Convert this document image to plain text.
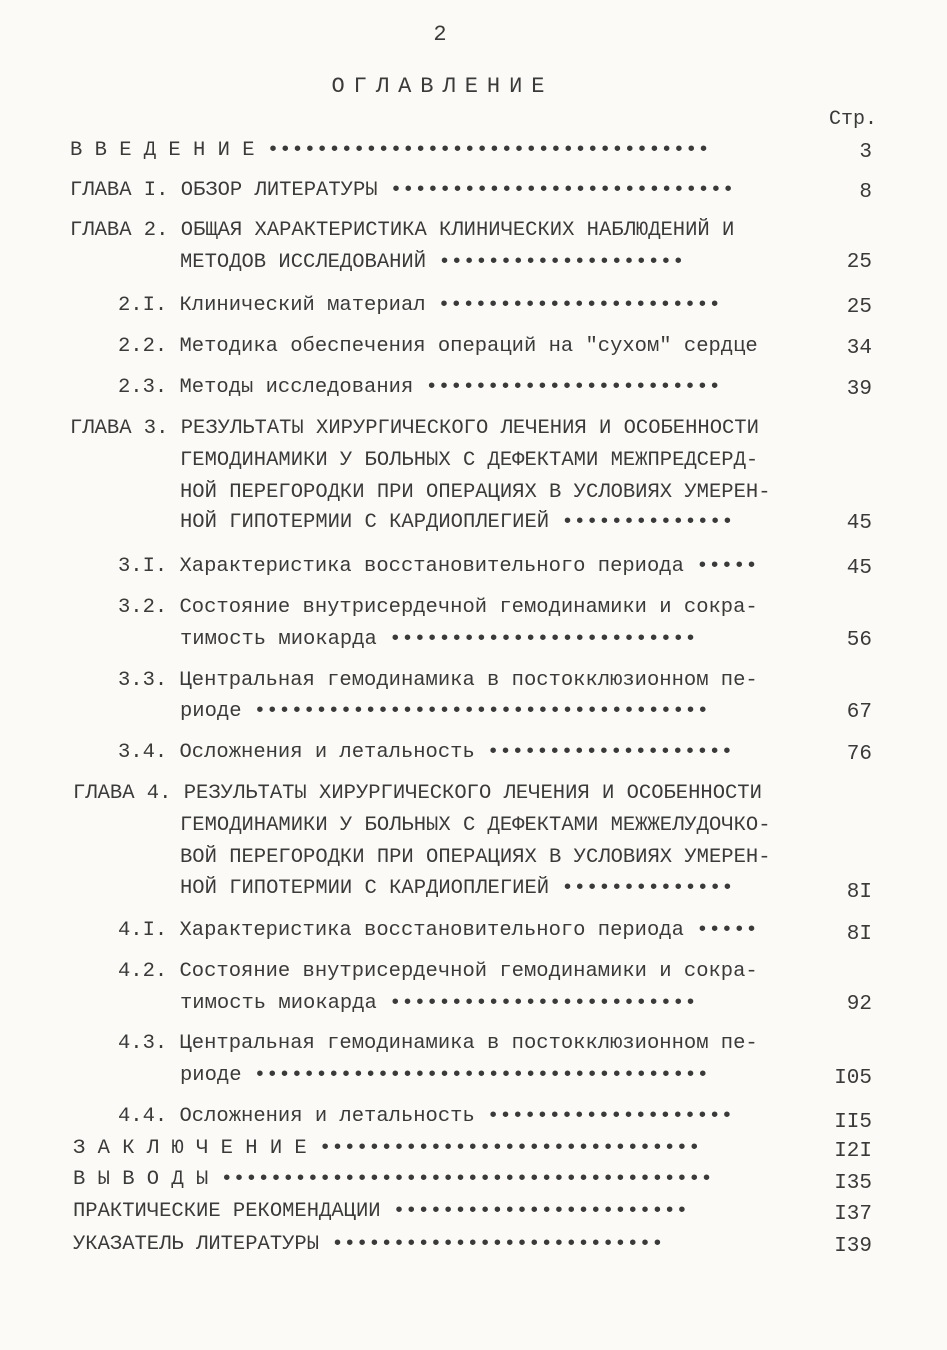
2
ОГЛАВЛЕНИЕ
Стр.
В В Е Д Е Н И Е ••••••••••••••••••••••••••••••••••••	3
ГЛАВА I. ОБЗОР ЛИТЕРАТУРЫ ••••••••••••••••••••••••••••	8
ГЛАВА 2. ОБЩАЯ ХАРАКТЕРИСТИКА КЛИНИЧЕСКИХ НАБЛЮДЕНИЙ И
МЕТОДОВ ИССЛЕДОВАНИЙ ••••••••••••••••••••	25
2.I. Клинический материал •••••••••••••••••••••••	25
2.2. Методика обеспечения операций на "сухом" сердце	34
2.3. Методы исследования ••••••••••••••••••••••••	39
ГЛАВА 3. РЕЗУЛЬТАТЫ ХИРУРГИЧЕСКОГО ЛЕЧЕНИЯ И ОСОБЕННОСТИ
ГЕМОДИНАМИКИ У БОЛЬНЫХ С ДЕФЕКТАМИ МЕЖПРЕДСЕРД-
НОЙ ПЕРЕГОРОДКИ ПРИ ОПЕРАЦИЯХ В УСЛОВИЯХ УМЕРЕН-
НОЙ ГИПОТЕРМИИ С КАРДИОПЛЕГИЕЙ ••••••••••••••	45
3.I. Характеристика восстановительного периода •••••	45
3.2. Состояние внутрисердечной гемодинамики и сокра-
тимость миокарда •••••••••••••••••••••••••	56
3.3. Центральная гемодинамика в постокклюзионном пе-
риоде •••••••••••••••••••••••••••••••••••••	67
3.4. Осложнения и летальность ••••••••••••••••••••	76
ГЛАВА 4. РЕЗУЛЬТАТЫ ХИРУРГИЧЕСКОГО ЛЕЧЕНИЯ И ОСОБЕННОСТИ
ГЕМОДИНАМИКИ У БОЛЬНЫХ С ДЕФЕКТАМИ МЕЖЖЕЛУДОЧКО-
ВОЙ ПЕРЕГОРОДКИ ПРИ ОПЕРАЦИЯХ В УСЛОВИЯХ УМЕРЕН-
НОЙ ГИПОТЕРМИИ С КАРДИОПЛЕГИЕЙ ••••••••••••••	8I
4.I. Характеристика восстановительного периода •••••	8I
4.2. Состояние внутрисердечной гемодинамики и сокра-
тимость миокарда •••••••••••••••••••••••••	92
4.3. Центральная гемодинамика в постокклюзионном пе-
риоде •••••••••••••••••••••••••••••••••••••	I05
4.4. Осложнения и летальность ••••••••••••••••••••	II5
З А К Л Ю Ч Е Н И Е •••••••••••••••••••••••••••••••	I2I
В Ы В О Д Ы ••••••••••••••••••••••••••••••••••••••••	I35
ПРАКТИЧЕСКИЕ РЕКОМЕНДАЦИИ ••••••••••••••••••••••••	I37
УКАЗАТЕЛЬ ЛИТЕРАТУРЫ •••••••••••••••••••••••••••	I39
